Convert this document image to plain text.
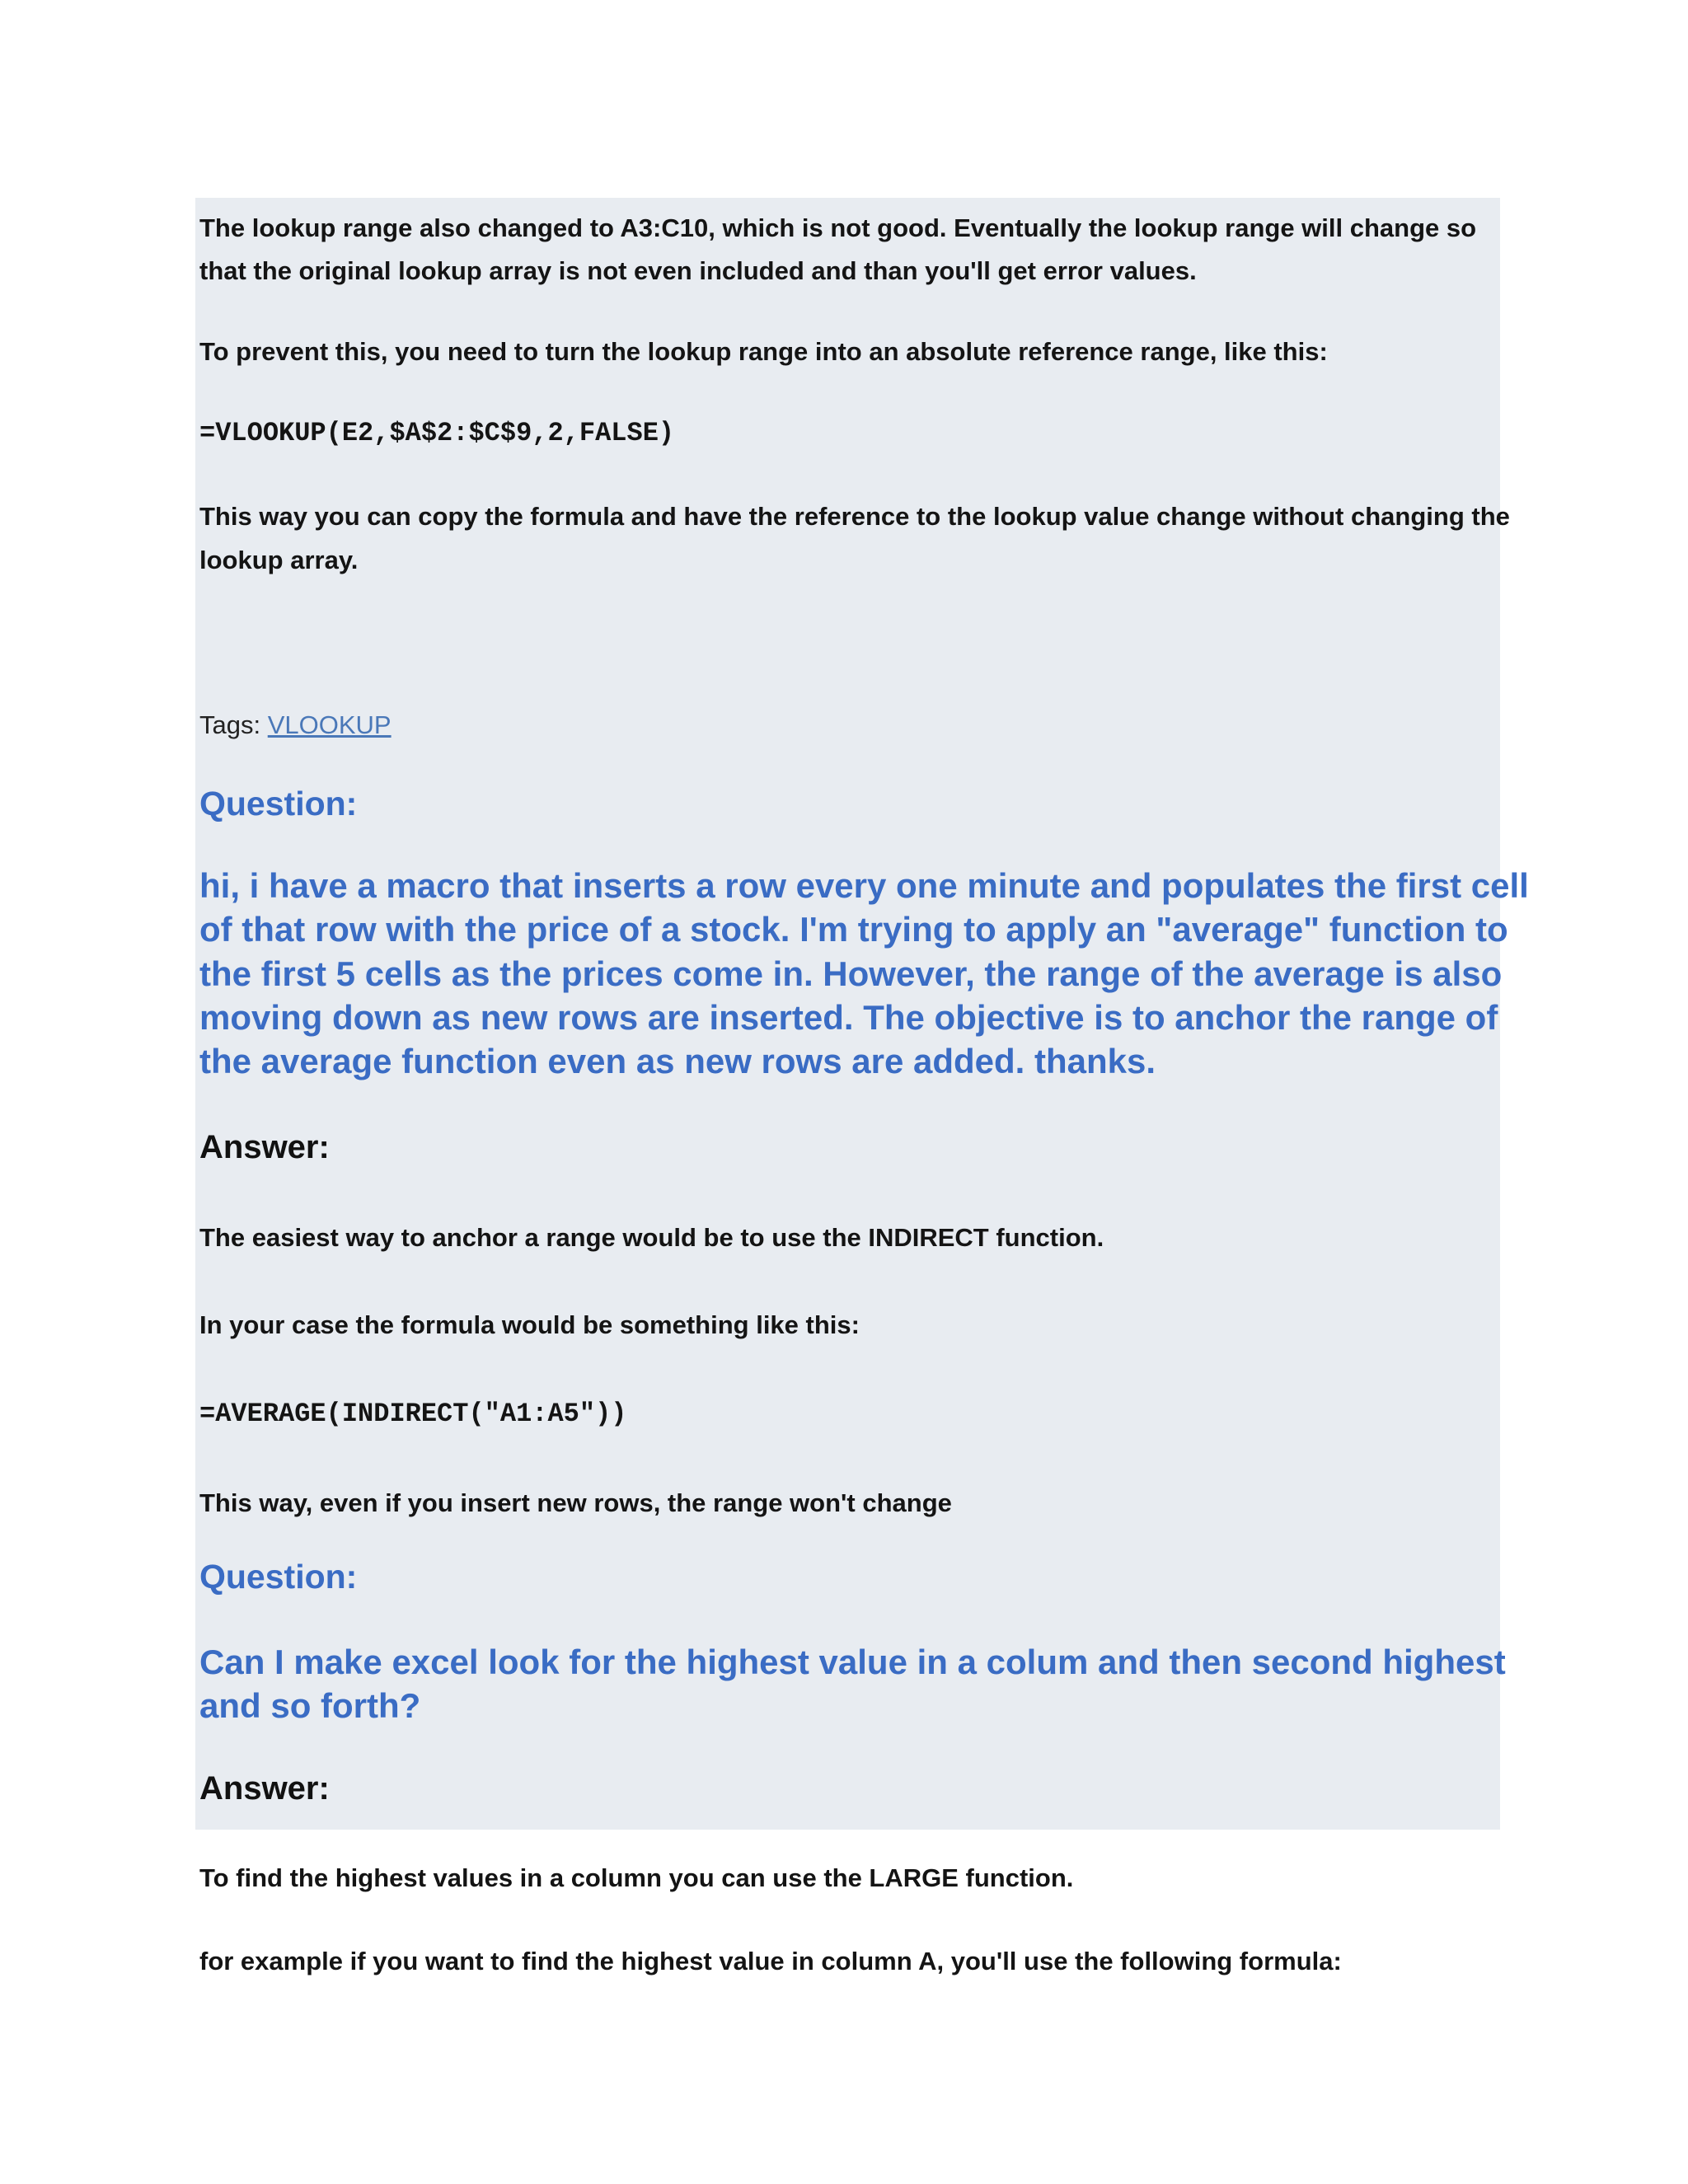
The lookup range also changed to A3:C10, which is not good. Eventually the lookup range will change so

that the original lookup array is not even included and than you'll get error values.

To prevent this, you need to turn the lookup range into an absolute reference range, like this:

=VLOOKUP(E2,$A$2:$C$9,2,FALSE)

This way you can copy the formula and have the reference to the lookup value change without changing the

lookup array.

Tags: VLOOKUP

Question:

hi, i have a macro that inserts a row every one minute and populates the first cell

of that row with the price of a stock. I'm trying to apply an "average" function to

the first 5 cells as the prices come in. However, the range of the average is also

moving down as new rows are inserted. The objective is to anchor the range of

the average function even as new rows are added. thanks.

Answer:

The easiest way to anchor a range would be to use the INDIRECT function.

In your case the formula would be something like this:

=AVERAGE(INDIRECT("A1:A5"))

This way, even if you insert new rows, the range won't change

Question:

Can I make excel look for the highest value in a colum and then second highest

and so forth?

Answer:

To find the highest values in a column you can use the LARGE function.

for example if you want to find the highest value in column A, you'll use the following formula:
